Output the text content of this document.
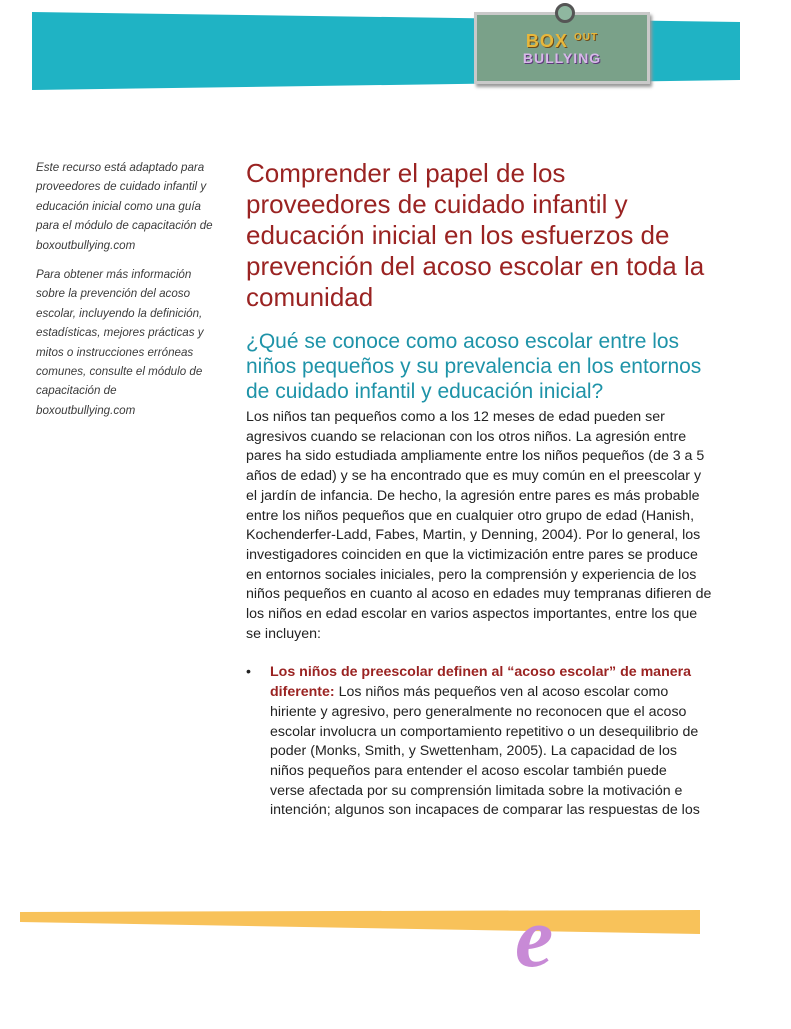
BOX $^{OUT}$
BULLYING

Este recurso está adaptado para proveedores de cuidado infantil y educación inicial como una guía para el módulo de capacitación de boxoutbullying.com

Para obtener más información sobre la prevención del acoso escolar, incluyendo la definición, estadísticas, mejores prácticas y mitos o instrucciones erróneas comunes, consulte el módulo de capacitación de boxoutbullying.com

Comprender el papel de los proveedores de cuidado infantil y educación inicial en los esfuerzos de prevención del acoso escolar en toda la comunidad
¿Qué se conoce como acoso escolar entre los niños pequeños y su prevalencia en los entornos de cuidado infantil y educación inicial?

Los niños tan pequeños como a los 12 meses de edad pueden ser agresivos cuando se relacionan con los otros niños. La agresión entre pares ha sido estudiada ampliamente entre los niños pequeños (de 3 a 5 años de edad) y se ha encontrado que es muy común en el preescolar y el jardín de infancia. De hecho, la agresión entre pares es más probable entre los niños pequeños que en cualquier otro grupo de edad (Hanish, Kochenderfer-Ladd, Fabes, Martin, y Denning, 2004). Por lo general, los investigadores coinciden en que la victimización entre pares se produce en entornos sociales iniciales, pero la comprensión y experiencia de los niños pequeños en cuanto al acoso en edades muy tempranas difieren de los niños en edad escolar en varios aspectos importantes, entre los que se incluyen:

•	Los niños de preescolar definen al “acoso escolar” de manera diferente: Los niños más pequeños ven al acoso escolar como hiriente y agresivo, pero generalmente no reconocen que el acoso escolar involucra un comportamiento repetitivo o un desequilibrio de poder (Monks, Smith, y Swettenham, 2005). La capacidad de los niños pequeños para entender el acoso escolar también puede verse afectada por su comprensión limitada sobre la motivación e intención; algunos son incapaces de comparar las respuestas de los
e
